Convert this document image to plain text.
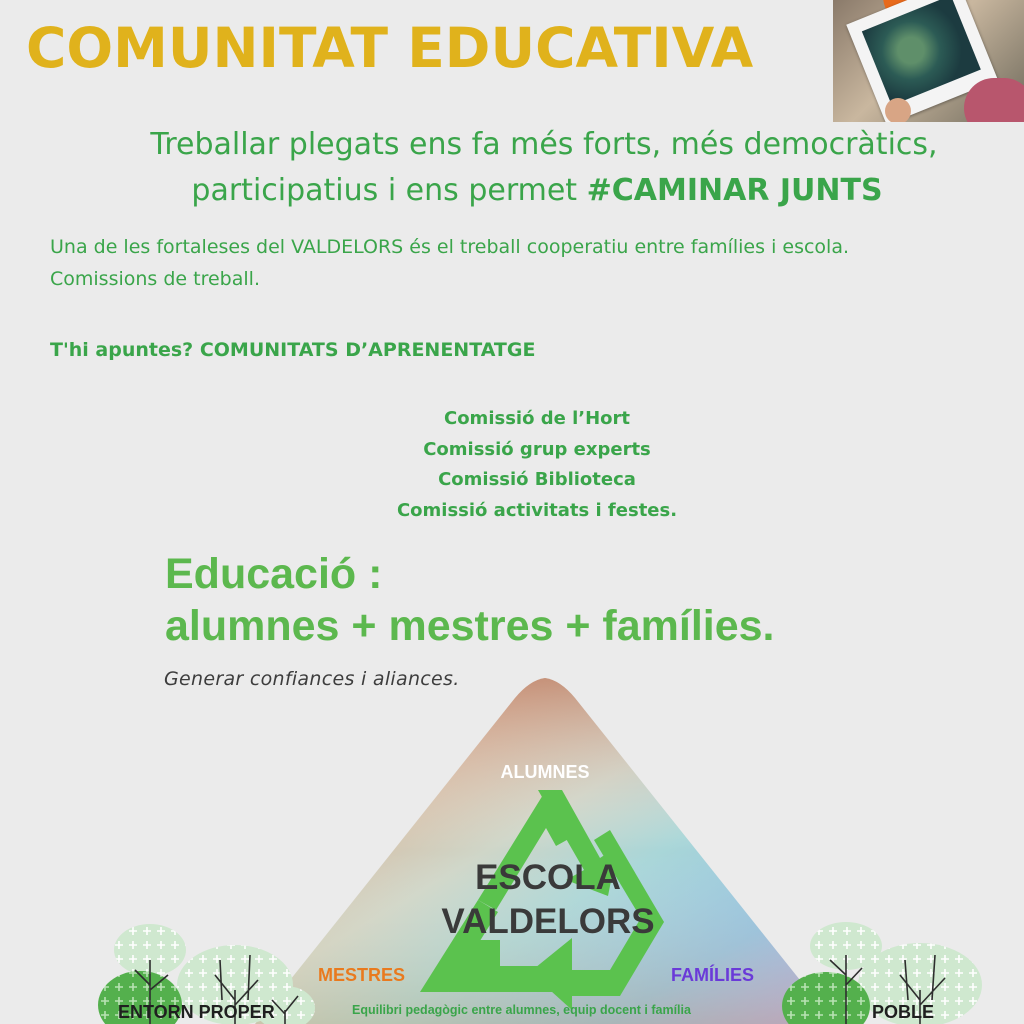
COMUNITAT EDUCATIVA
Treballar plegats ens fa més forts, més democràtics,
participatius i ens permet #CAMINAR JUNTS
Una de les fortaleses del VALDELORS és el treball cooperatiu entre famílies i escola.
Comissions de treball.
T'hi apuntes? COMUNITATS D’APRENENTATGE
Comissió de l’Hort
Comissió grup experts
Comissió Biblioteca
Comissió activitats i festes.
Educació :
alumnes + mestres + famílies.
Generar confiances i aliances.
ALUMNES
ESCOLA
VALDELORS
MESTRES	FAMÍLIES
Equilibri pedagògic entre alumnes, equip docent i família
ENTORN PROPER	POBLE
